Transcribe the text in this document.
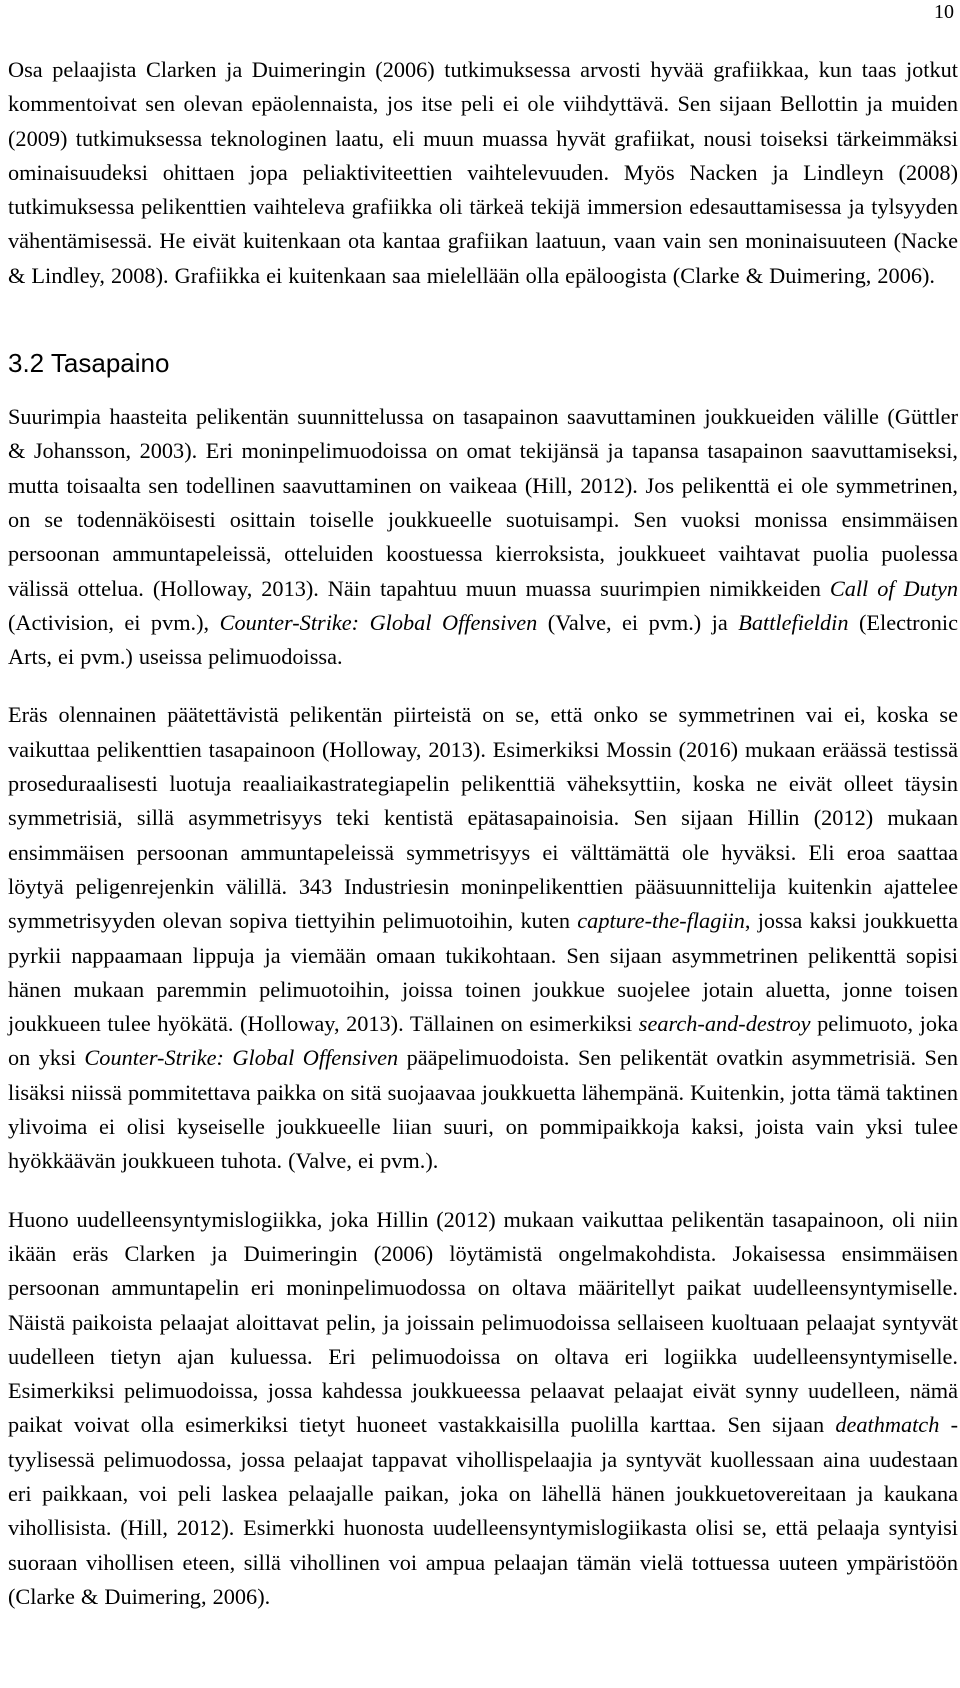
10

Osa pelaajista Clarken ja Duimeringin (2006) tutkimuksessa arvosti hyvää grafiikkaa, kun taas jotkut kommentoivat sen olevan epäolennaista, jos itse peli ei ole viihdyttävä. Sen sijaan Bellottin ja muiden (2009) tutkimuksessa teknologinen laatu, eli muun muassa hyvät grafiikat, nousi toiseksi tärkeimmäksi ominaisuudeksi ohittaen jopa peliaktiviteettien vaihtelevuuden. Myös Nacken ja Lindleyn (2008) tutkimuksessa pelikenttien vaihteleva grafiikka oli tärkeä tekijä immersion edesauttamisessa ja tylsyyden vähentämisessä. He eivät kuitenkaan ota kantaa grafiikan laatuun, vaan vain sen moninaisuuteen (Nacke & Lindley, 2008). Grafiikka ei kuitenkaan saa mielellään olla epäloogista (Clarke & Duimering, 2006).

3.2 Tasapaino

Suurimpia haasteita pelikentän suunnittelussa on tasapainon saavuttaminen joukkueiden välille (Güttler & Johansson, 2003). Eri moninpelimuodoissa on omat tekijänsä ja tapansa tasapainon saavuttamiseksi, mutta toisaalta sen todellinen saavuttaminen on vaikeaa (Hill, 2012). Jos pelikenttä ei ole symmetrinen, on se todennäköisesti osittain toiselle joukkueelle suotuisampi. Sen vuoksi monissa ensimmäisen persoonan ammuntapeleissä, otteluiden koostuessa kierroksista, joukkueet vaihtavat puolia puolessa välissä ottelua. (Holloway, 2013). Näin tapahtuu muun muassa suurimpien nimikkeiden Call of Dutyn (Activision, ei pvm.), Counter-Strike: Global Offensiven (Valve, ei pvm.) ja Battlefieldin (Electronic Arts, ei pvm.) useissa pelimuodoissa.

Eräs olennainen päätettävistä pelikentän piirteistä on se, että onko se symmetrinen vai ei, koska se vaikuttaa pelikenttien tasapainoon (Holloway, 2013). Esimerkiksi Mossin (2016) mukaan eräässä testissä proseduraalisesti luotuja reaaliaikastrategiapelin pelikenttiä väheksyttiin, koska ne eivät olleet täysin symmetrisiä, sillä asymmetrisyys teki kentistä epätasapainoisia. Sen sijaan Hillin (2012) mukaan ensimmäisen persoonan ammuntapeleissä symmetrisyys ei välttämättä ole hyväksi. Eli eroa saattaa löytyä peligenrejenkin välillä. 343 Industriesin moninpelikenttien pääsuunnittelija kuitenkin ajattelee symmetrisyyden olevan sopiva tiettyihin pelimuotoihin, kuten capture-the-flagiin, jossa kaksi joukkuetta pyrkii nappaamaan lippuja ja viemään omaan tukikohtaan. Sen sijaan asymmetrinen pelikenttä sopisi hänen mukaan paremmin pelimuotoihin, joissa toinen joukkue suojelee jotain aluetta, jonne toisen joukkueen tulee hyökätä. (Holloway, 2013). Tällainen on esimerkiksi search-and-destroy pelimuoto, joka on yksi Counter-Strike: Global Offensiven pääpelimuodoista. Sen pelikentät ovatkin asymmetrisiä. Sen lisäksi niissä pommitettava paikka on sitä suojaavaa joukkuetta lähempänä. Kuitenkin, jotta tämä taktinen ylivoima ei olisi kyseiselle joukkueelle liian suuri, on pommipaikkoja kaksi, joista vain yksi tulee hyökkäävän joukkueen tuhota. (Valve, ei pvm.).

Huono uudelleensyntymislogiikka, joka Hillin (2012) mukaan vaikuttaa pelikentän tasapainoon, oli niin ikään eräs Clarken ja Duimeringin (2006) löytämistä ongelmakohdista. Jokaisessa ensimmäisen persoonan ammuntapelin eri moninpelimuodossa on oltava määritellyt paikat uudelleensyntymiselle. Näistä paikoista pelaajat aloittavat pelin, ja joissain pelimuodoissa sellaiseen kuoltuaan pelaajat syntyvät uudelleen tietyn ajan kuluessa. Eri pelimuodoissa on oltava eri logiikka uudelleensyntymiselle. Esimerkiksi pelimuodoissa, jossa kahdessa joukkueessa pelaavat pelaajat eivät synny uudelleen, nämä paikat voivat olla esimerkiksi tietyt huoneet vastakkaisilla puolilla karttaa. Sen sijaan deathmatch -tyylisessä pelimuodossa, jossa pelaajat tappavat vihollispelaajia ja syntyvät kuollessaan aina uudestaan eri paikkaan, voi peli laskea pelaajalle paikan, joka on lähellä hänen joukkuetovereitaan ja kaukana vihollisista. (Hill, 2012). Esimerkki huonosta uudelleensyntymislogiikasta olisi se, että pelaaja syntyisi suoraan vihollisen eteen, sillä vihollinen voi ampua pelaajan tämän vielä tottuessa uuteen ympäristöön (Clarke & Duimering, 2006).
